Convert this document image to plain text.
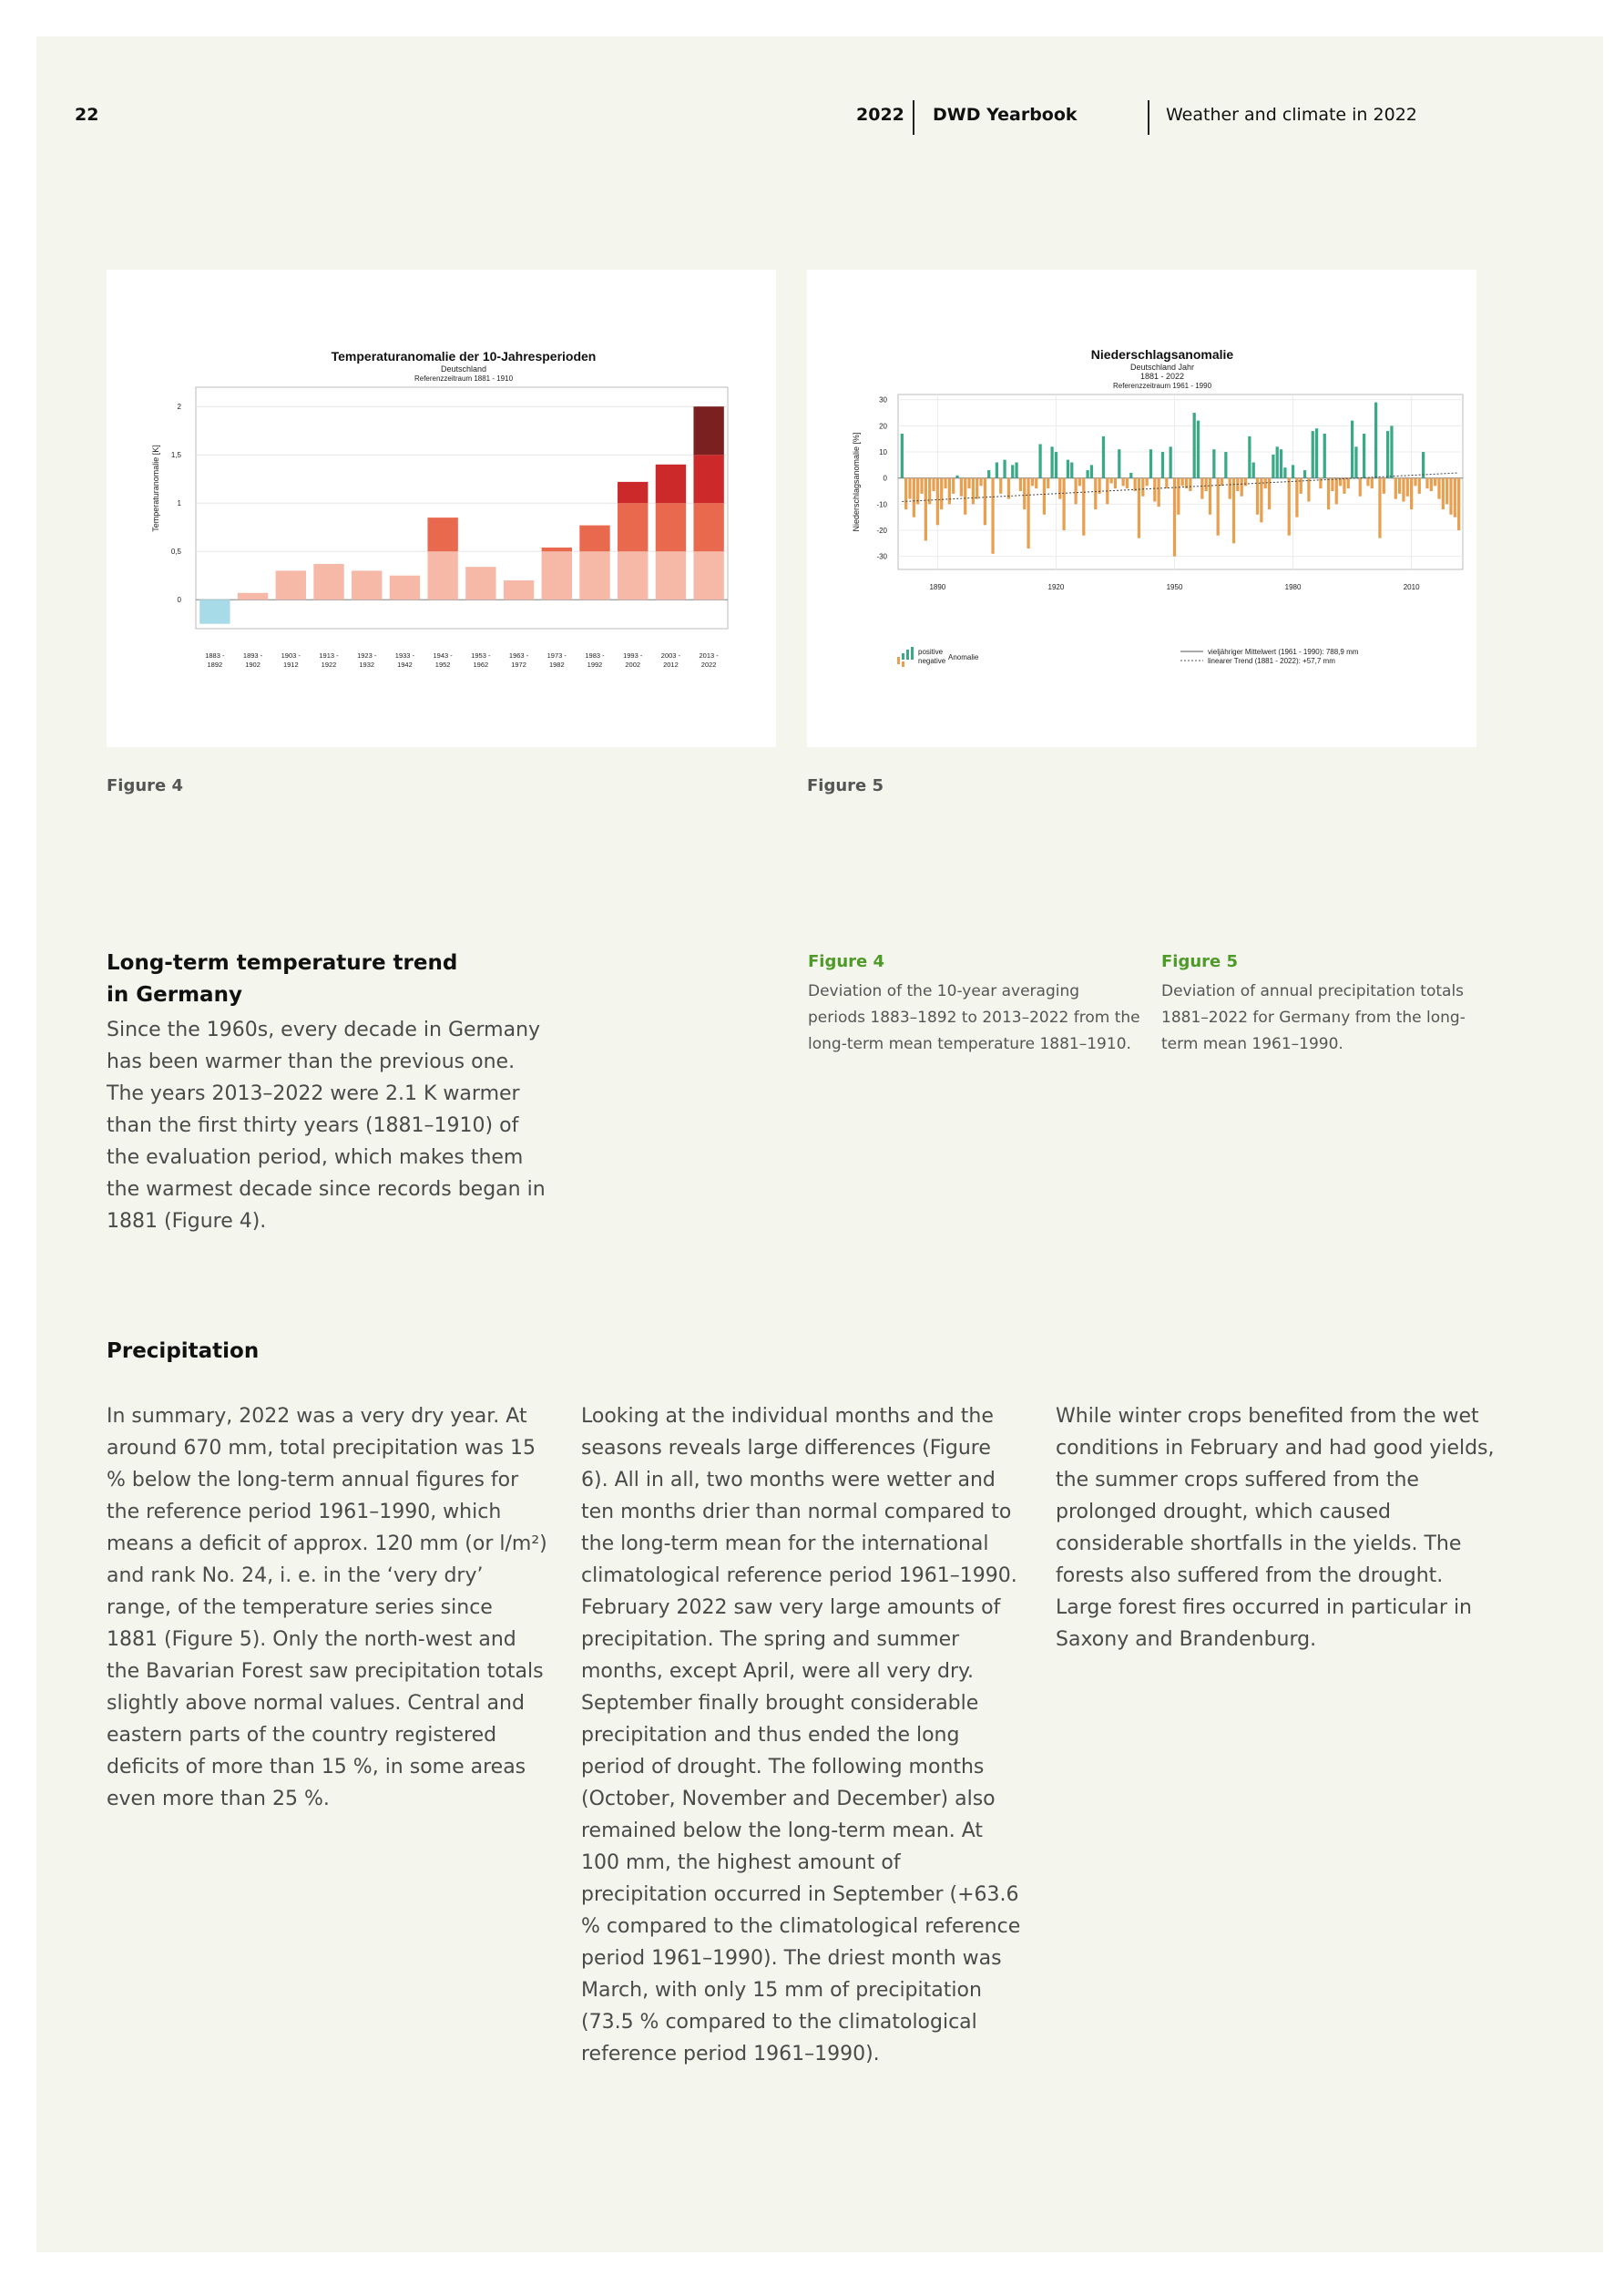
22	2022 DWD Yearbook	Weather and climate in 2022
Temperaturanomalie der 10-Jahresperioden
Deutschland
Referenzzeitraum 1881 - 1910
Temperaturanomalie [K]
0
0,5
1
1,5
2
1883 -
1892
1893 -
1902
1903 -
1912
1913 -
1922
1923 -
1932
1933 -
1942
1943 -
1952
1953 -
1962
1963 -
1972
1973 -
1982
1983 -
1992
1993 -
2002
2003 -
2012
2013 -
2022
Figure 4
Niederschlagsanomalie
Deutschland Jahr
1881 - 2022
Referenzzeitraum 1961 - 1990
Niederschlagsanomalie [%]
30
20
10
0
-10
-20
-30
1890	1920	1950	1980	2010
positive
negative Anomalie
vieljähriger Mittelwert (1961 - 1990): 788,9 mm
linearer Trend (1881 - 2022): +57,7 mm
Figure 5
Figure 4
Deviation of the 10-year averaging periods 1883–1892 to 2013–2022 from the long-term mean temperature 1881–1910.
Figure 5
Deviation of annual precipitation totals 1881–2022 for Germany from the long-term mean 1961–1990.
Long-term temperature trend in Germany
Since the 1960s, every decade in Germany has been warmer than the previous one. The years 2013–2022 were 2.1 K warmer than the first thirty years (1881–1910) of the evaluation period, which makes them the warmest decade since records began in 1881 (Figure 4).
Precipitation
In summary, 2022 was a very dry year. At around 670 mm, total precipitation was 15 % below the long-term annual figures for the reference period 1961–1990, which means a deficit of approx. 120 mm (or l/m²) and rank No. 24, i. e. in the ‘very dry’ range, of the temperature series since 1881 (Figure 5). Only the north-west and the Bavarian Forest saw precipitation totals slightly above normal values. Central and eastern parts of the country registered deficits of more than 15 %, in some areas even more than 25 %.
Looking at the individual months and the seasons reveals large differences (Figure 6). All in all, two months were wetter and ten months drier than normal compared to the long-term mean for the international climatological reference period 1961–1990. February 2022 saw very large amounts of precipitation. The spring and summer months, except April, were all very dry. September finally brought considerable precipitation and thus ended the long period of drought. The following months (October, November and December) also remained below the long-term mean. At 100 mm, the highest amount of precipitation occurred in September (+63.6 % compared to the climatological reference period 1961–1990). The driest month was March, with only 15 mm of precipitation (73.5 % compared to the climatological reference period 1961–1990).
While winter crops benefited from the wet conditions in February and had good yields, the summer crops suffered from the prolonged drought, which caused considerable shortfalls in the yields. The forests also suffered from the drought. Large forest fires occurred in particular in Saxony and Brandenburg.
